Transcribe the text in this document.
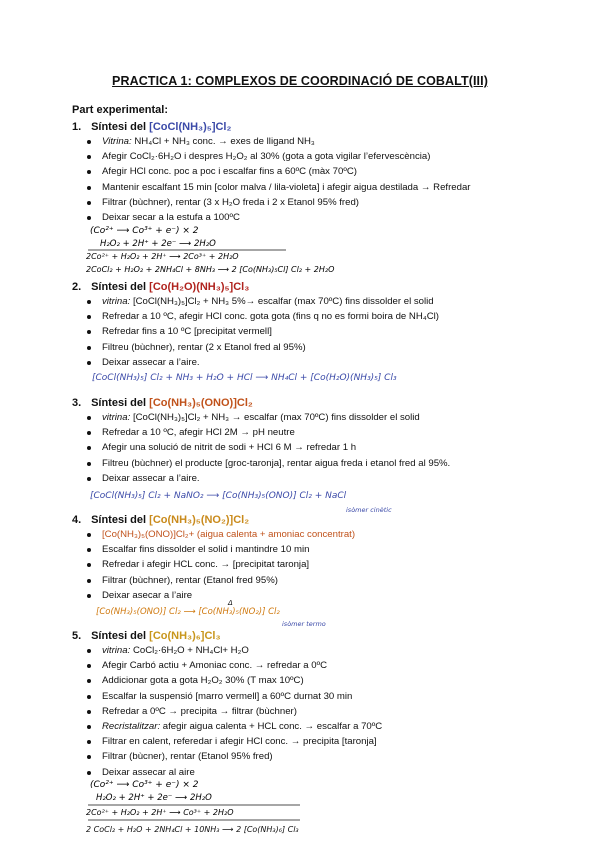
PRACTICA 1: COMPLEXOS DE COORDINACIÓ DE COBALT(III)
Part experimental:
1. Síntesi del [CoCl(NH₃)₅]Cl₂
Vitrina: NH₄Cl + NH₃ conc. → exes de lligand NH₃
Afegir CoCl₂·6H₂O i despres H₂O₂ al 30% (gota a gota vigilar l’efervescència)
Afegir HCl conc. poc a poc i escalfar fins a 60ºC (màx 70ºC)
Mantenir escalfant 15 min [color malva / lila-violeta] i afegir aigua destilada → Refredar
Filtrar (bùchner), rentar (3 x H₂O freda i 2 x Etanol 95% fred)
Deixar secar a la estufa a 100ºC
(Co²⁺ ⟶ Co³⁺ + e⁻) × 2
H₂O₂ + 2H⁺ + 2e⁻ ⟶ 2H₂O
2Co²⁺ + H₂O₂ + 2H⁺ ⟶ 2Co³⁺ + 2H₂O
2CoCl₂ + H₂O₂ + 2NH₄Cl + 8NH₃ ⟶ 2 [Co(NH₃)₅Cl] Cl₂ + 2H₂O
2. Síntesi del [Co(H₂O)(NH₃)₅]Cl₃
vitrina: [CoCl(NH₃)₅]Cl₂ + NH₃ 5%→ escalfar (max 70ºC) fins dissolder el solid
Refredar a 10 ºC, afegir HCl conc. gota gota (fins q no es formi boira de NH₄Cl)
Refredar fins a 10 ºC [precipitat vermell]
Filtreu (bùchner), rentar (2 x Etanol fred al 95%)
Deixar assecar a l’aire.
[CoCl(NH₃)₅] Cl₂ + NH₃ + H₂O + HCl ⟶ NH₄Cl + [Co(H₂O)(NH₃)₅] Cl₃
3. Síntesi del [Co(NH₃)₅(ONO)]Cl₂
vitrina: [CoCl(NH₃)₅]Cl₂ + NH₃ → escalfar (max 70ºC) fins dissolder el solid
Refredar a 10 ºC, afegir HCl 2M → pH neutre
Afegir una solució de nitrit de sodi + HCl 6 M → refredar 1 h
Filtreu (bùchner) el producte [groc-taronja], rentar aigua freda i etanol fred al 95%.
Deixar assecar a l’aire.
[CoCl(NH₃)₅] Cl₂ + NaNO₂ ⟶ [Co(NH₃)₅(ONO)] Cl₂ + NaCl
isòmer cinètic
4. Síntesi del [Co(NH₃)₅(NO₂)]Cl₂
[Co(NH₃)₅(ONO)]Cl₂+ (aigua calenta + amoniac concentrat)
Escalfar fins dissolder el solid i mantindre 10 min
Refredar i afegir HCL conc. → [precipitat taronja]
Filtrar (bùchner), rentar (Etanol fred 95%)
Deixar asecar a l’aire
Δ
[Co(NH₃)₅(ONO)] Cl₂ ⟶ [Co(NH₃)₅(NO₂)] Cl₂
isòmer termo
5. Síntesi del [Co(NH₃)₆]Cl₃
vitrina: CoCl₂·6H₂O + NH₄Cl+ H₂O
Afegir Carbó actiu + Amoniac conc. → refredar a 0ºC
Addicionar gota a gota H₂O₂ 30% (T max 10ºC)
Escalfar la suspensió [marro vermell] a 60ºC durnat 30 min
Refredar a 0ºC → precipita → filtrar (bùchner)
Recristalitzar: afegir aigua calenta + HCL conc. → escalfar a 70ºC
Filtrar en calent, referedar i afegir HCl conc. → precipita [taronja]
Filtrar (bùcner), rentar (Etanol 95% fred)
Deixar assecar al aire
(Co²⁺ ⟶ Co³⁺ + e⁻) × 2
H₂O₂ + 2H⁺ + 2e⁻ ⟶ 2H₂O
2Co²⁺ + H₂O₂ + 2H⁺ ⟶ Co³⁺ + 2H₂O
2 CoCl₂ + H₂O + 2NH₄Cl + 10NH₃ ⟶ 2 [Co(NH₃)₆] Cl₃
